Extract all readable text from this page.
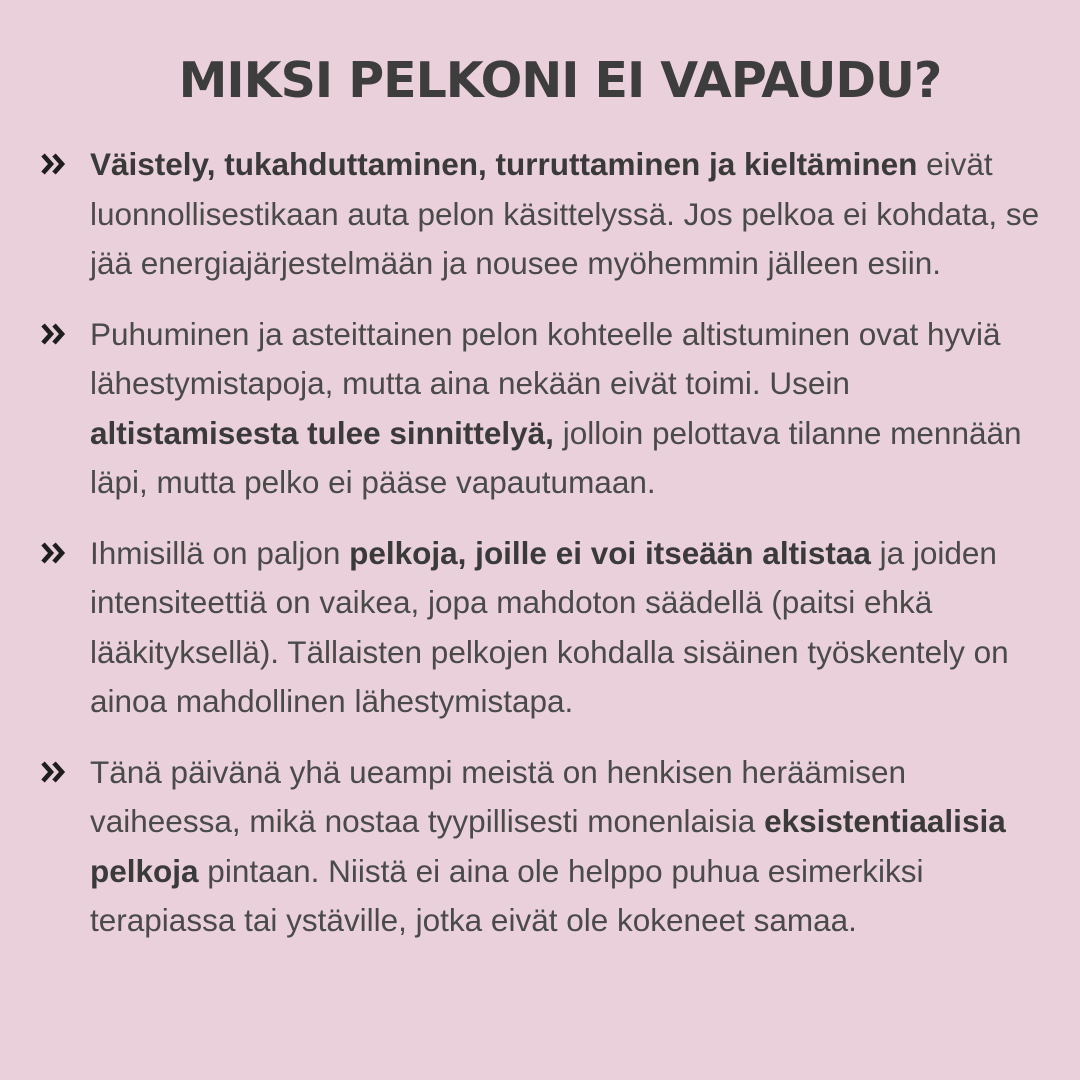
MIKSI PELKONI EI VAPAUDU?
Väistely, tukahduttaminen, turruttaminen ja kieltäminen eivät luonnollisestikaan auta pelon käsittelyssä. Jos pelkoa ei kohdata, se jää energiajärjestelmään ja nousee myöhemmin jälleen esiin.
Puhuminen ja asteittainen pelon kohteelle altistuminen ovat hyviä lähestymistapoja, mutta aina nekään eivät toimi. Usein altistamisesta tulee sinnittelyä, jolloin pelottava tilanne mennään läpi, mutta pelko ei pääse vapautumaan.
Ihmisillä on paljon pelkoja, joille ei voi itseään altistaa ja joiden intensiteettiä on vaikea, jopa mahdoton säädellä (paitsi ehkä lääkityksellä). Tällaisten pelkojen kohdalla sisäinen työskentely on ainoa mahdollinen lähestymistapa.
Tänä päivänä yhä ueampi meistä on henkisen heräämisen vaiheessa, mikä nostaa tyypillisesti monenlaisia eksistentiaalisia pelkoja pintaan. Niistä ei aina ole helppo puhua esimerkiksi terapiassa tai ystäville, jotka eivät ole kokeneet samaa.
